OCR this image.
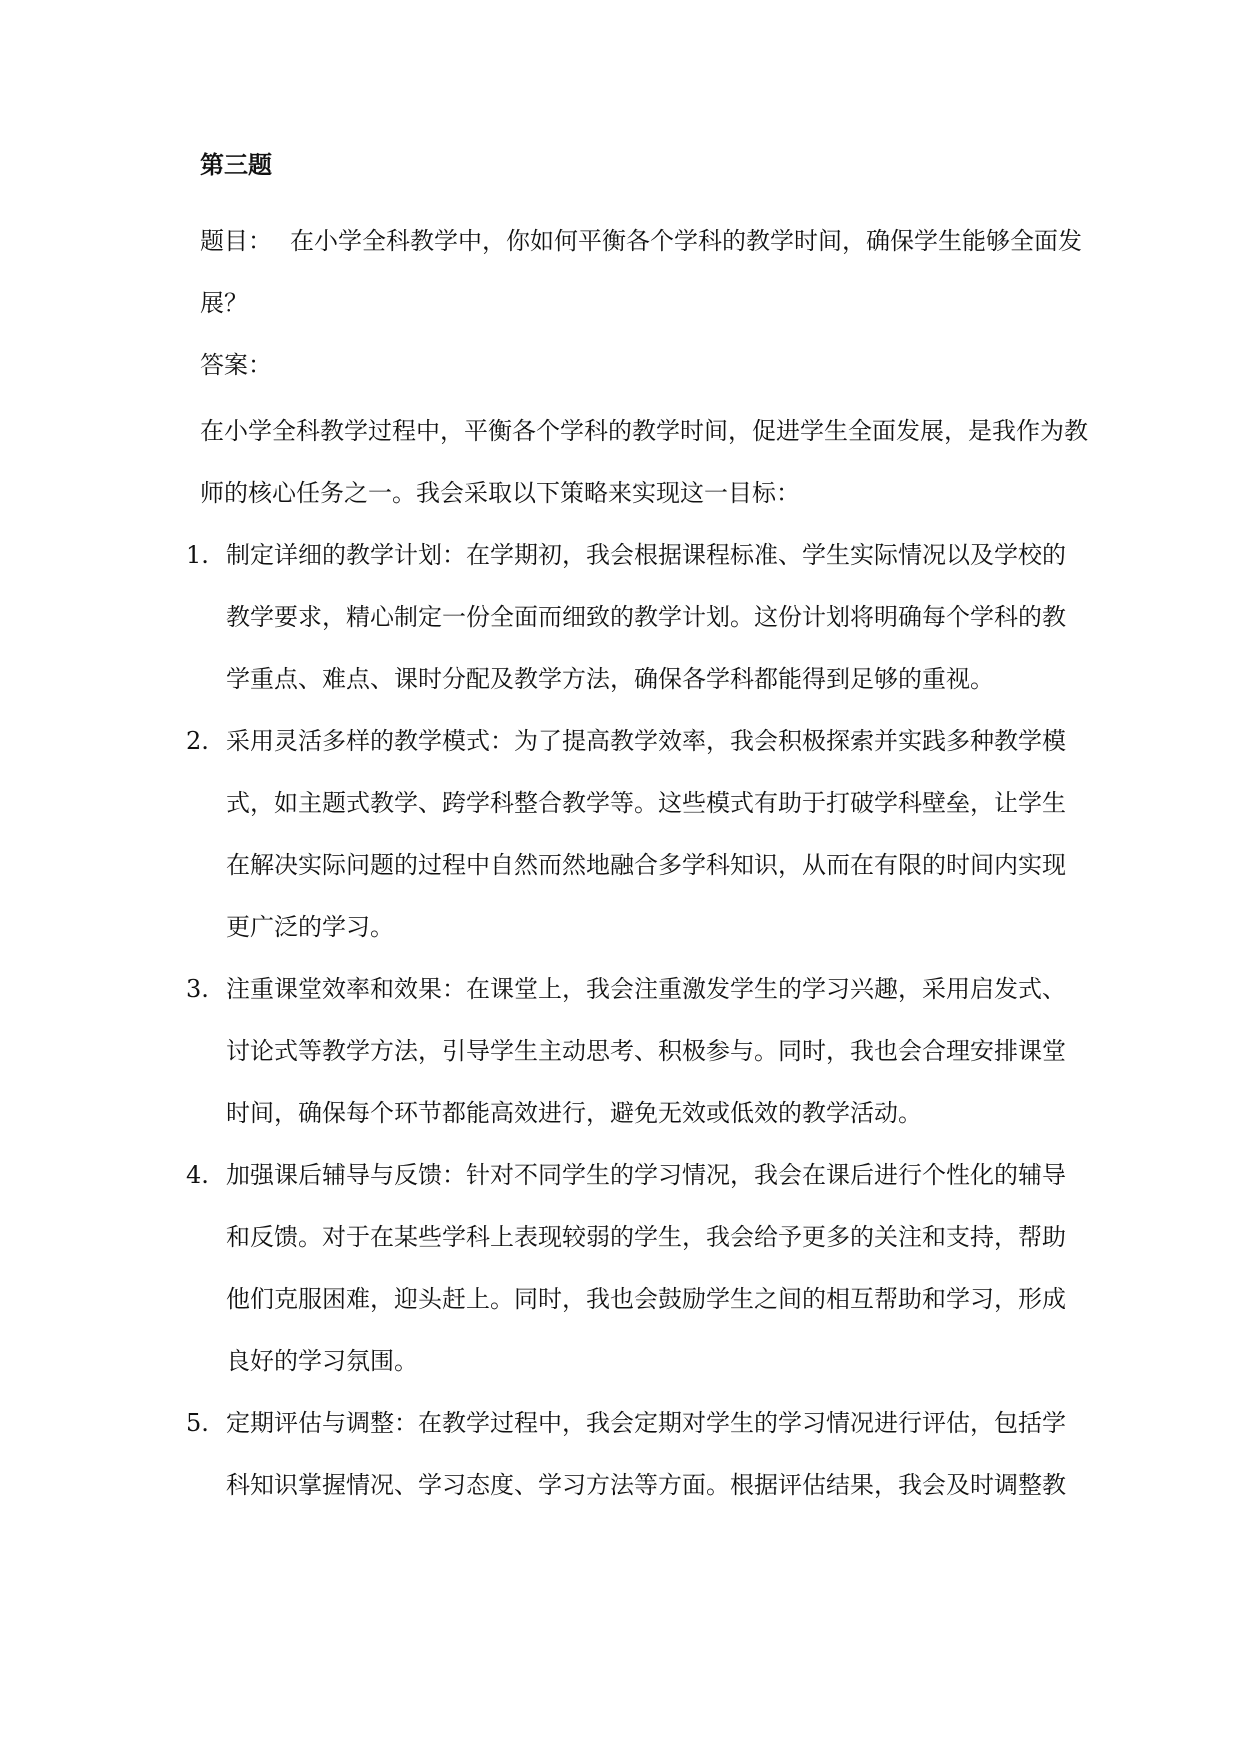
第三题
题目： 在小学全科教学中，你如何平衡各个学科的教学时间，确保学生能够全面发展？
答案：
在小学全科教学过程中，平衡各个学科的教学时间，促进学生全面发展，是我作为教师的核心任务之一。我会采取以下策略来实现这一目标：
1. 制定详细的教学计划：在学期初，我会根据课程标准、学生实际情况以及学校的教学要求，精心制定一份全面而细致的教学计划。这份计划将明确每个学科的教学重点、难点、课时分配及教学方法，确保各学科都能得到足够的重视。
2. 采用灵活多样的教学模式：为了提高教学效率，我会积极探索并实践多种教学模式，如主题式教学、跨学科整合教学等。这些模式有助于打破学科壁垒，让学生在解决实际问题的过程中自然而然地融合多学科知识，从而在有限的时间内实现更广泛的学习。
3. 注重课堂效率和效果：在课堂上，我会注重激发学生的学习兴趣，采用启发式、讨论式等教学方法，引导学生主动思考、积极参与。同时，我也会合理安排课堂时间，确保每个环节都能高效进行，避免无效或低效的教学活动。
4. 加强课后辅导与反馈：针对不同学生的学习情况，我会在课后进行个性化的辅导和反馈。对于在某些学科上表现较弱的学生，我会给予更多的关注和支持，帮助他们克服困难，迎头赶上。同时，我也会鼓励学生之间的相互帮助和学习，形成良好的学习氛围。
5. 定期评估与调整：在教学过程中，我会定期对学生的学习情况进行评估，包括学科知识掌握情况、学习态度、学习方法等方面。根据评估结果，我会及时调整教
